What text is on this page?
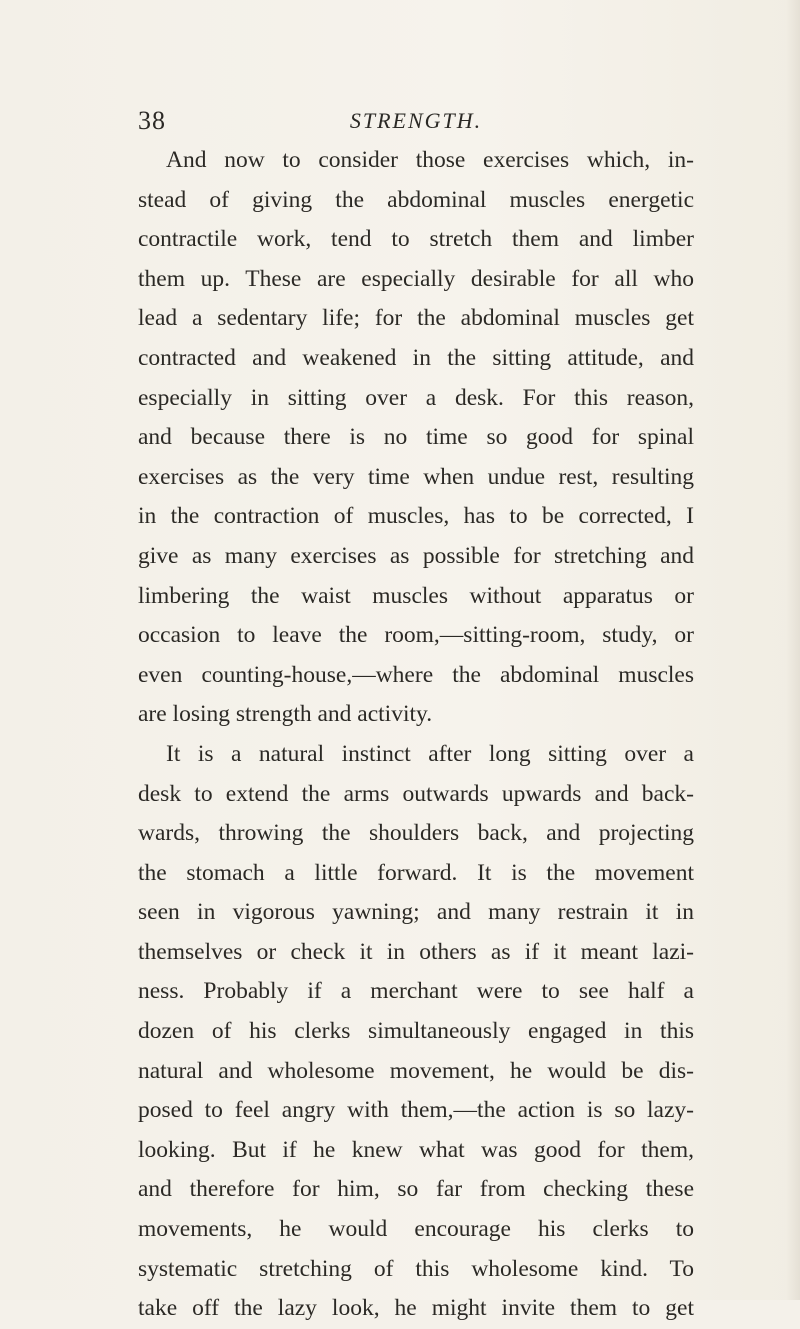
38	STRENGTH.
And now to consider those exercises which, in-
stead of giving the abdominal muscles energetic
contractile work, tend to stretch them and limber
them up. These are especially desirable for all who
lead a sedentary life; for the abdominal muscles get
contracted and weakened in the sitting attitude, and
especially in sitting over a desk. For this reason,
and because there is no time so good for spinal
exercises as the very time when undue rest, resulting
in the contraction of muscles, has to be corrected, I
give as many exercises as possible for stretching and
limbering the waist muscles without apparatus or
occasion to leave the room,—sitting-room, study, or
even counting-house,—where the abdominal muscles
are losing strength and activity.
It is a natural instinct after long sitting over a
desk to extend the arms outwards upwards and back-
wards, throwing the shoulders back, and projecting
the stomach a little forward. It is the movement
seen in vigorous yawning; and many restrain it in
themselves or check it in others as if it meant lazi-
ness. Probably if a merchant were to see half a
dozen of his clerks simultaneously engaged in this
natural and wholesome movement, he would be dis-
posed to feel angry with them,—the action is so lazy-
looking. But if he knew what was good for them,
and therefore for him, so far from checking these
movements, he would encourage his clerks to
systematic stretching of this wholesome kind. To
take off the lazy look, he might invite them to get
